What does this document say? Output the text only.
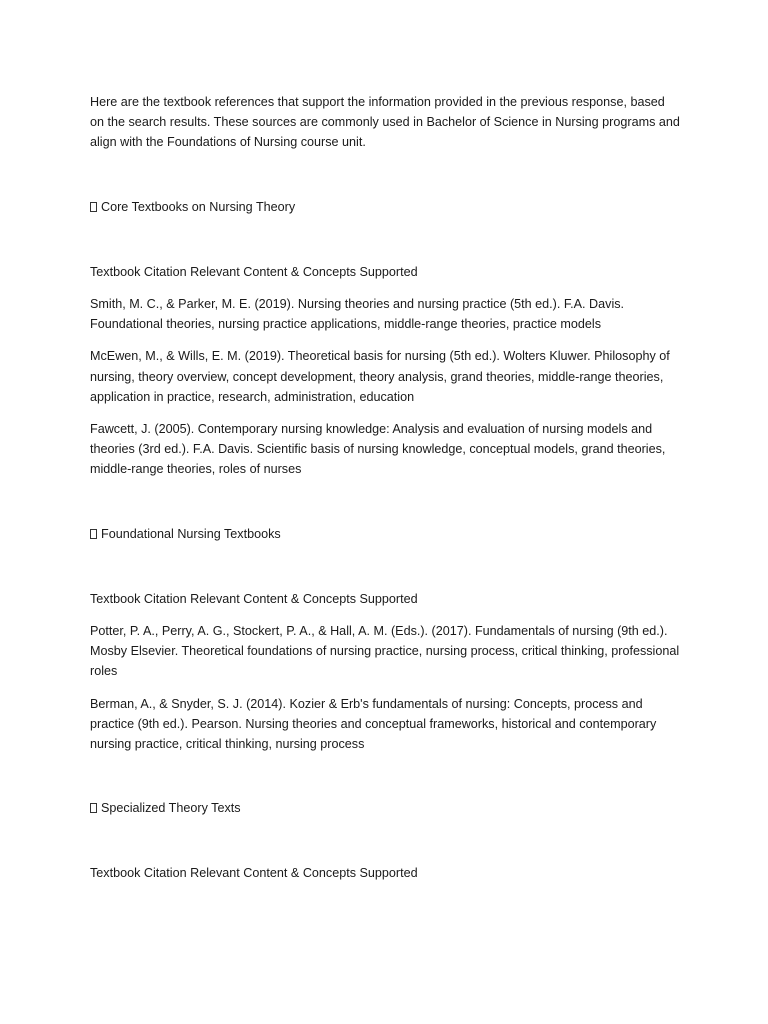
Here are the textbook references that support the information provided in the previous response, based on the search results. These sources are commonly used in Bachelor of Science in Nursing programs and align with the Foundations of Nursing course unit.

Core Textbooks on Nursing Theory

Textbook Citation Relevant Content & Concepts Supported

Smith, M. C., & Parker, M. E. (2019). Nursing theories and nursing practice (5th ed.). F.A. Davis. Foundational theories, nursing practice applications, middle-range theories, practice models

McEwen, M., & Wills, E. M. (2019). Theoretical basis for nursing (5th ed.). Wolters Kluwer. Philosophy of nursing, theory overview, concept development, theory analysis, grand theories, middle-range theories, application in practice, research, administration, education

Fawcett, J. (2005). Contemporary nursing knowledge: Analysis and evaluation of nursing models and theories (3rd ed.). F.A. Davis. Scientific basis of nursing knowledge, conceptual models, grand theories, middle-range theories, roles of nurses

Foundational Nursing Textbooks

Textbook Citation Relevant Content & Concepts Supported

Potter, P. A., Perry, A. G., Stockert, P. A., & Hall, A. M. (Eds.). (2017). Fundamentals of nursing (9th ed.). Mosby Elsevier. Theoretical foundations of nursing practice, nursing process, critical thinking, professional roles

Berman, A., & Snyder, S. J. (2014). Kozier & Erb's fundamentals of nursing: Concepts, process and practice (9th ed.). Pearson. Nursing theories and conceptual frameworks, historical and contemporary nursing practice, critical thinking, nursing process

Specialized Theory Texts

Textbook Citation Relevant Content & Concepts Supported
